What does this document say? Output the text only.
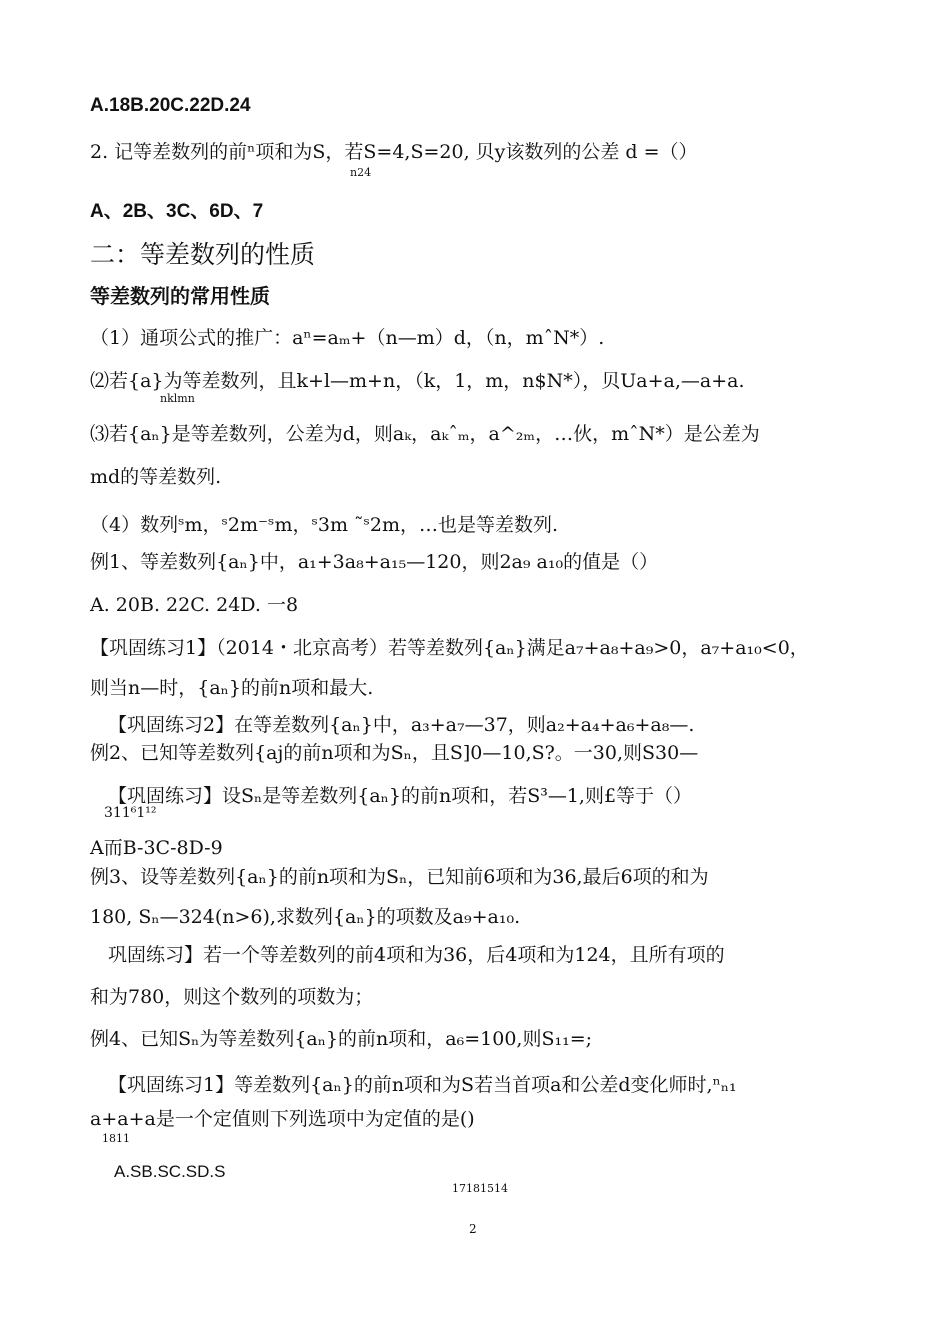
A.18B.20C.22D.24
2. 记等差数列的前ⁿ项和为S，若S=4,S=20, 贝y该数列的公差 d =（）
n24
A、2B、3C、6D、7
二：等差数列的性质
等差数列的常用性质
（1）通项公式的推广：aⁿ=aₘ+（n—m）d，（n，mˆN*）.
⑵若{a}为等差数列，且k+l—m+n，（k，1，m，n$N*），贝Ua+a,—a+a.
nklmn
⑶若{aₙ}是等差数列，公差为d，则aₖ，aₖˆₘ，a^₂ₘ，…伙，mˆN*）是公差为
md的等差数列.
（4）数列ˢm，ˢ2m⁻ˢm，ˢ3m ˜ˢ2m，…也是等差数列.
例1、等差数列{aₙ}中，a₁+3a₈+a₁₅—120，则2a₉ a₁₀的值是（）
A. 20B. 22C. 24D. 一8
【巩固练习1】（2014・北京高考）若等差数列{aₙ}满足a₇+a₈+a₉>0，a₇+a₁₀<0，
则当n—时，{aₙ}的前n项和最大.
【巩固练习2】在等差数列{aₙ}中，a₃+a₇—37，则a₂+a₄+a₆+a₈—.
例2、已知等差数列{aj的前n项和为Sₙ，且S]0—10,S?。一30,则S30—
【巩固练习】设Sₙ是等差数列{aₙ}的前n项和，若S³—1,则£等于（）
311⁶1¹²
A而B-3C-8D-9
例3、设等差数列{aₙ}的前n项和为Sₙ，已知前6项和为36,最后6项的和为
180, Sₙ—324(n>6),求数列{aₙ}的项数及a₉+a₁₀.
巩固练习】若一个等差数列的前4项和为36，后4项和为124，且所有项的
和为780，则这个数列的项数为；
例4、已知Sₙ为等差数列{aₙ}的前n项和，a₆=100,则S₁₁=;
【巩固练习1】等差数列{aₙ}的前n项和为S若当首项a和公差d变化师时,ⁿₙ₁
a+a+a是一个定值则下列选项中为定值的是()
1811
A.SB.SC.SD.S
17181514
2
